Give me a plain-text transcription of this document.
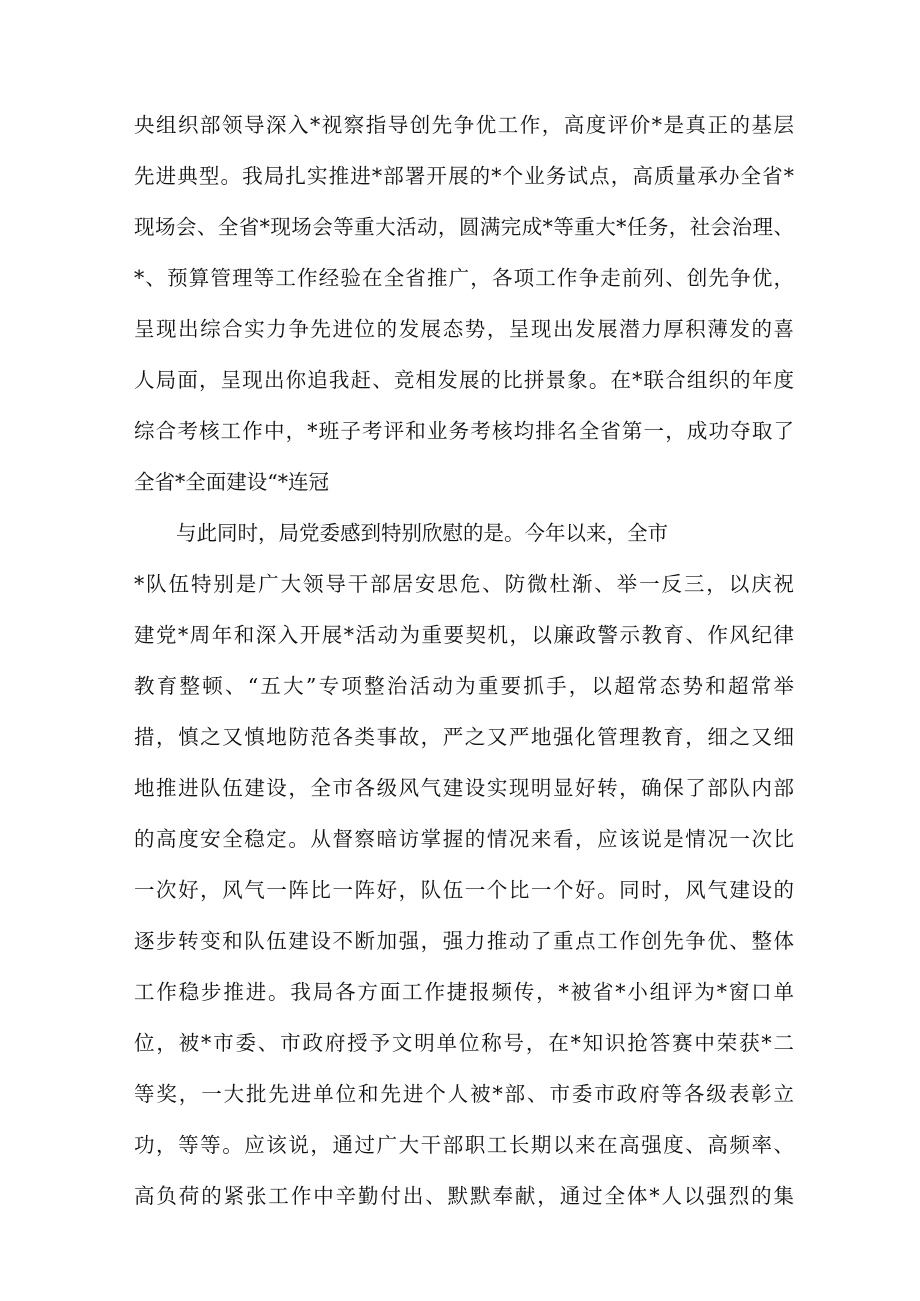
央组织部领导深入*视察指导创先争优工作，高度评价*是真正的基层
先进典型。我局扎实推进*部署开展的*个业务试点，高质量承办全省*
现场会、全省*现场会等重大活动，圆满完成*等重大*任务，社会治理、
*、预算管理等工作经验在全省推广，各项工作争走前列、创先争优，
呈现出综合实力争先进位的发展态势，呈现出发展潜力厚积薄发的喜
人局面，呈现出你追我赶、竞相发展的比拼景象。在*联合组织的年度
综合考核工作中，*班子考评和业务考核均排名全省第一，成功夺取了
全省*全面建设“*连冠
与此同时，局党委感到特别欣慰的是。今年以来，全市
*队伍特别是广大领导干部居安思危、防微杜渐、举一反三，以庆祝
建党*周年和深入开展*活动为重要契机，以廉政警示教育、作风纪律
教育整顿、“五大”专项整治活动为重要抓手，以超常态势和超常举
措，慎之又慎地防范各类事故，严之又严地强化管理教育，细之又细
地推进队伍建设，全市各级风气建设实现明显好转，确保了部队内部
的高度安全稳定。从督察暗访掌握的情况来看，应该说是情况一次比
一次好，风气一阵比一阵好，队伍一个比一个好。同时，风气建设的
逐步转变和队伍建设不断加强，强力推动了重点工作创先争优、整体
工作稳步推进。我局各方面工作捷报频传，*被省*小组评为*窗口单
位，被*市委、市政府授予文明单位称号，在*知识抢答赛中荣获*二
等奖，一大批先进单位和先进个人被*部、市委市政府等各级表彰立
功，等等。应该说，通过广大干部职工长期以来在高强度、高频率、
高负荷的紧张工作中辛勤付出、默默奉献，通过全体*人以强烈的集
